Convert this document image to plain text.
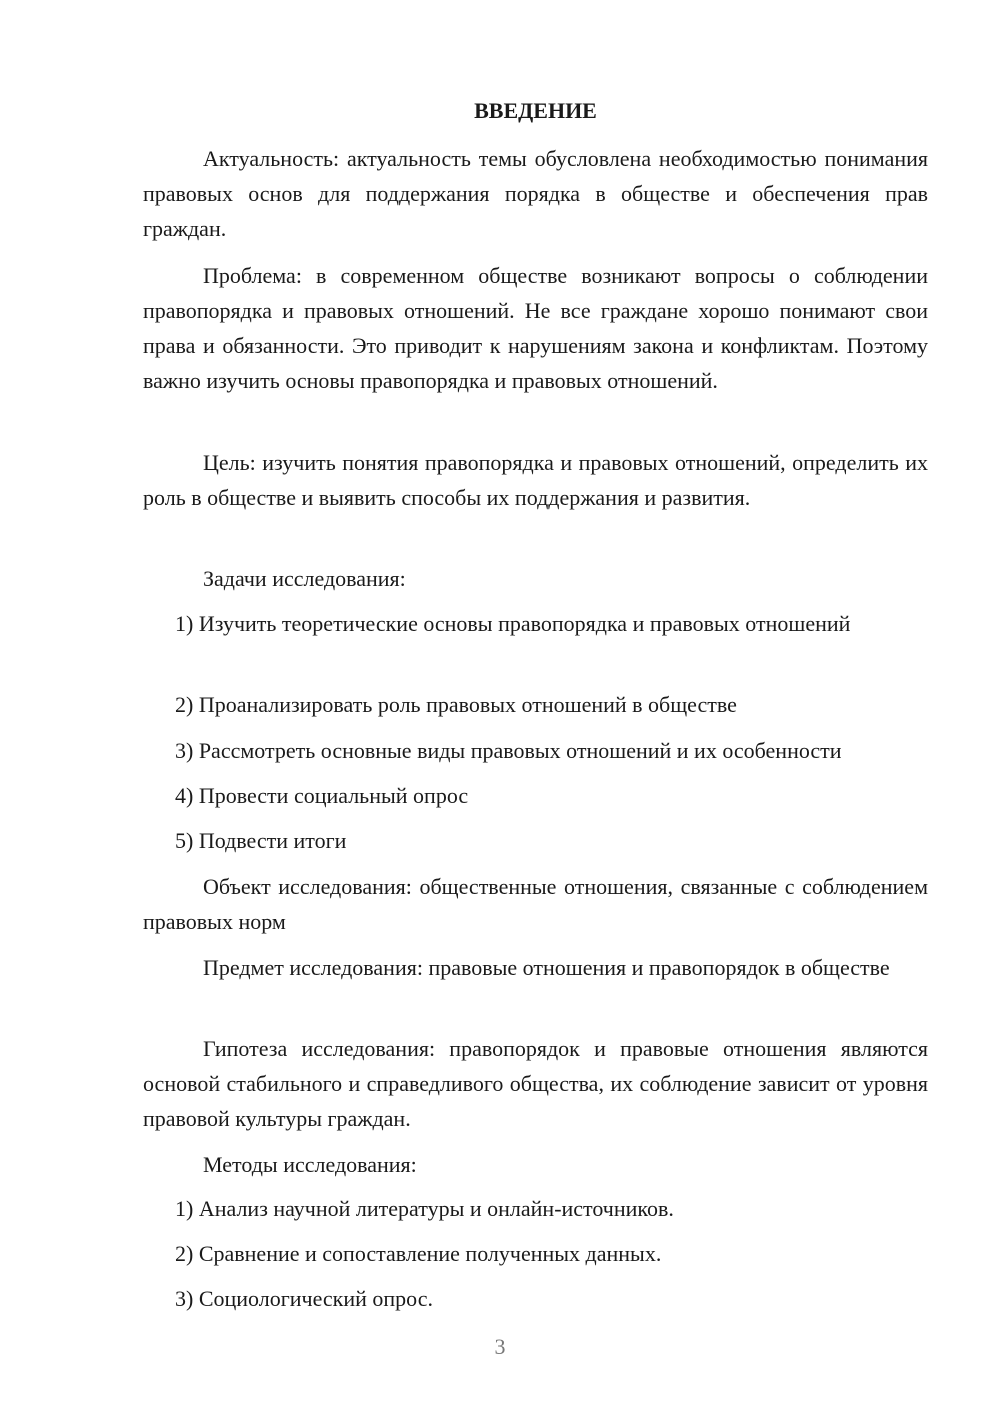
ВВЕДЕНИЕ
Актуальность: актуальность темы обусловлена необходимостью понимания правовых основ для поддержания порядка в обществе и обеспечения прав граждан.
Проблема: в современном обществе возникают вопросы о соблюдении правопорядка и правовых отношений. Не все граждане хорошо понимают свои права и обязанности. Это приводит к нарушениям закона и конфликтам. Поэтому важно изучить основы правопорядка и правовых отношений.
Цель: изучить понятия правопорядка и правовых отношений, определить их роль в обществе и выявить способы их поддержания и развития.
Задачи исследования:
1) Изучить теоретические основы правопорядка и правовых отношений
2) Проанализировать роль правовых отношений в обществе
3) Рассмотреть основные виды правовых отношений и их особенности
4) Провести социальный опрос
5) Подвести итоги
Объект исследования: общественные отношения, связанные с соблюдением правовых норм
Предмет исследования: правовые отношения и правопорядок в обществе
Гипотеза исследования: правопорядок и правовые отношения являются основой стабильного и справедливого общества, их соблюдение зависит от уровня правовой культуры граждан.
Методы исследования:
1) Анализ научной литературы и онлайн-источников.
2) Сравнение и сопоставление полученных данных.
3) Социологический опрос.
3
